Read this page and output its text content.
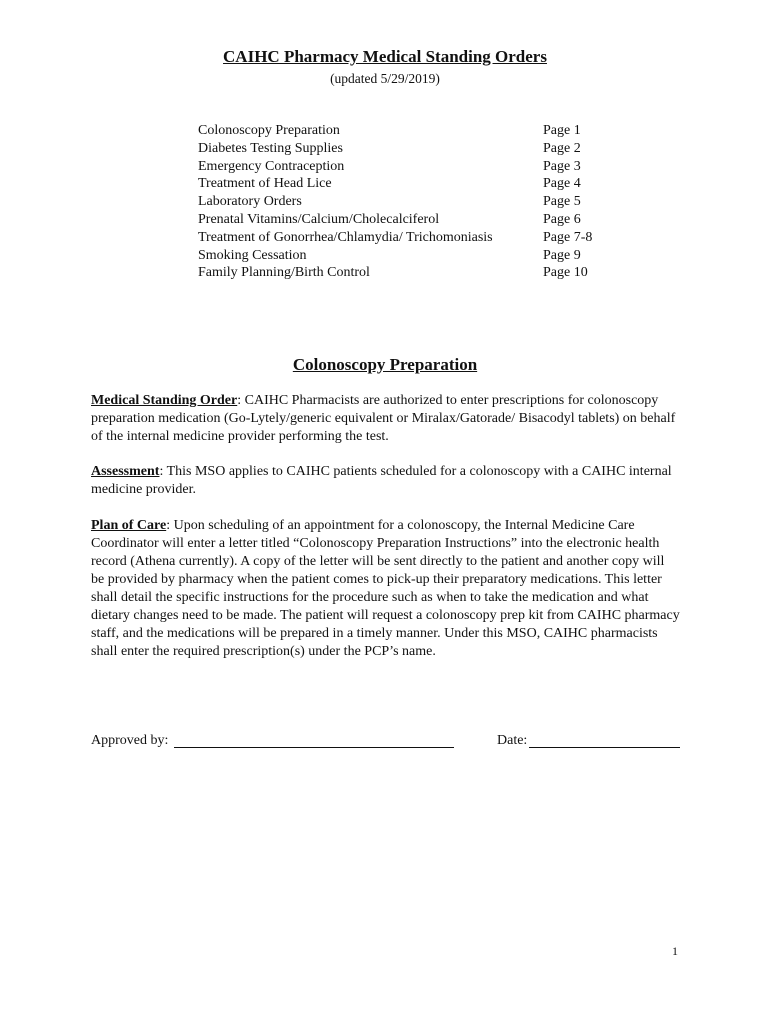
CAIHC Pharmacy Medical Standing Orders

(updated 5/29/2019)

Colonoscopy Preparation	Page 1
Diabetes Testing Supplies	Page 2
Emergency Contraception	Page 3
Treatment of Head Lice	Page 4
Laboratory Orders	Page 5
Prenatal Vitamins/Calcium/Cholecalciferol	Page 6
Treatment of Gonorrhea/Chlamydia/ Trichomoniasis	Page 7-8
Smoking Cessation	Page 9
Family Planning/Birth Control	Page 10
Colonoscopy Preparation

Medical Standing Order: CAIHC Pharmacists are authorized to enter prescriptions for colonoscopy preparation medication (Go-Lytely/generic equivalent or Miralax/Gatorade/ Bisacodyl tablets) on behalf of the internal medicine provider performing the test.

Assessment: This MSO applies to CAIHC patients scheduled for a colonoscopy with a CAIHC internal medicine provider.

Plan of Care: Upon scheduling of an appointment for a colonoscopy, the Internal Medicine Care Coordinator will enter a letter titled “Colonoscopy Preparation Instructions” into the electronic health record (Athena currently). A copy of the letter will be sent directly to the patient and another copy will be provided by pharmacy when the patient comes to pick-up their preparatory medications. This letter shall detail the specific instructions for the procedure such as when to take the medication and what dietary changes need to be made. The patient will request a colonoscopy prep kit from CAIHC pharmacy staff, and the medications will be prepared in a timely manner. Under this MSO, CAIHC pharmacists shall enter the required prescription(s) under the PCP’s name.

Approved by:	Date:
1
